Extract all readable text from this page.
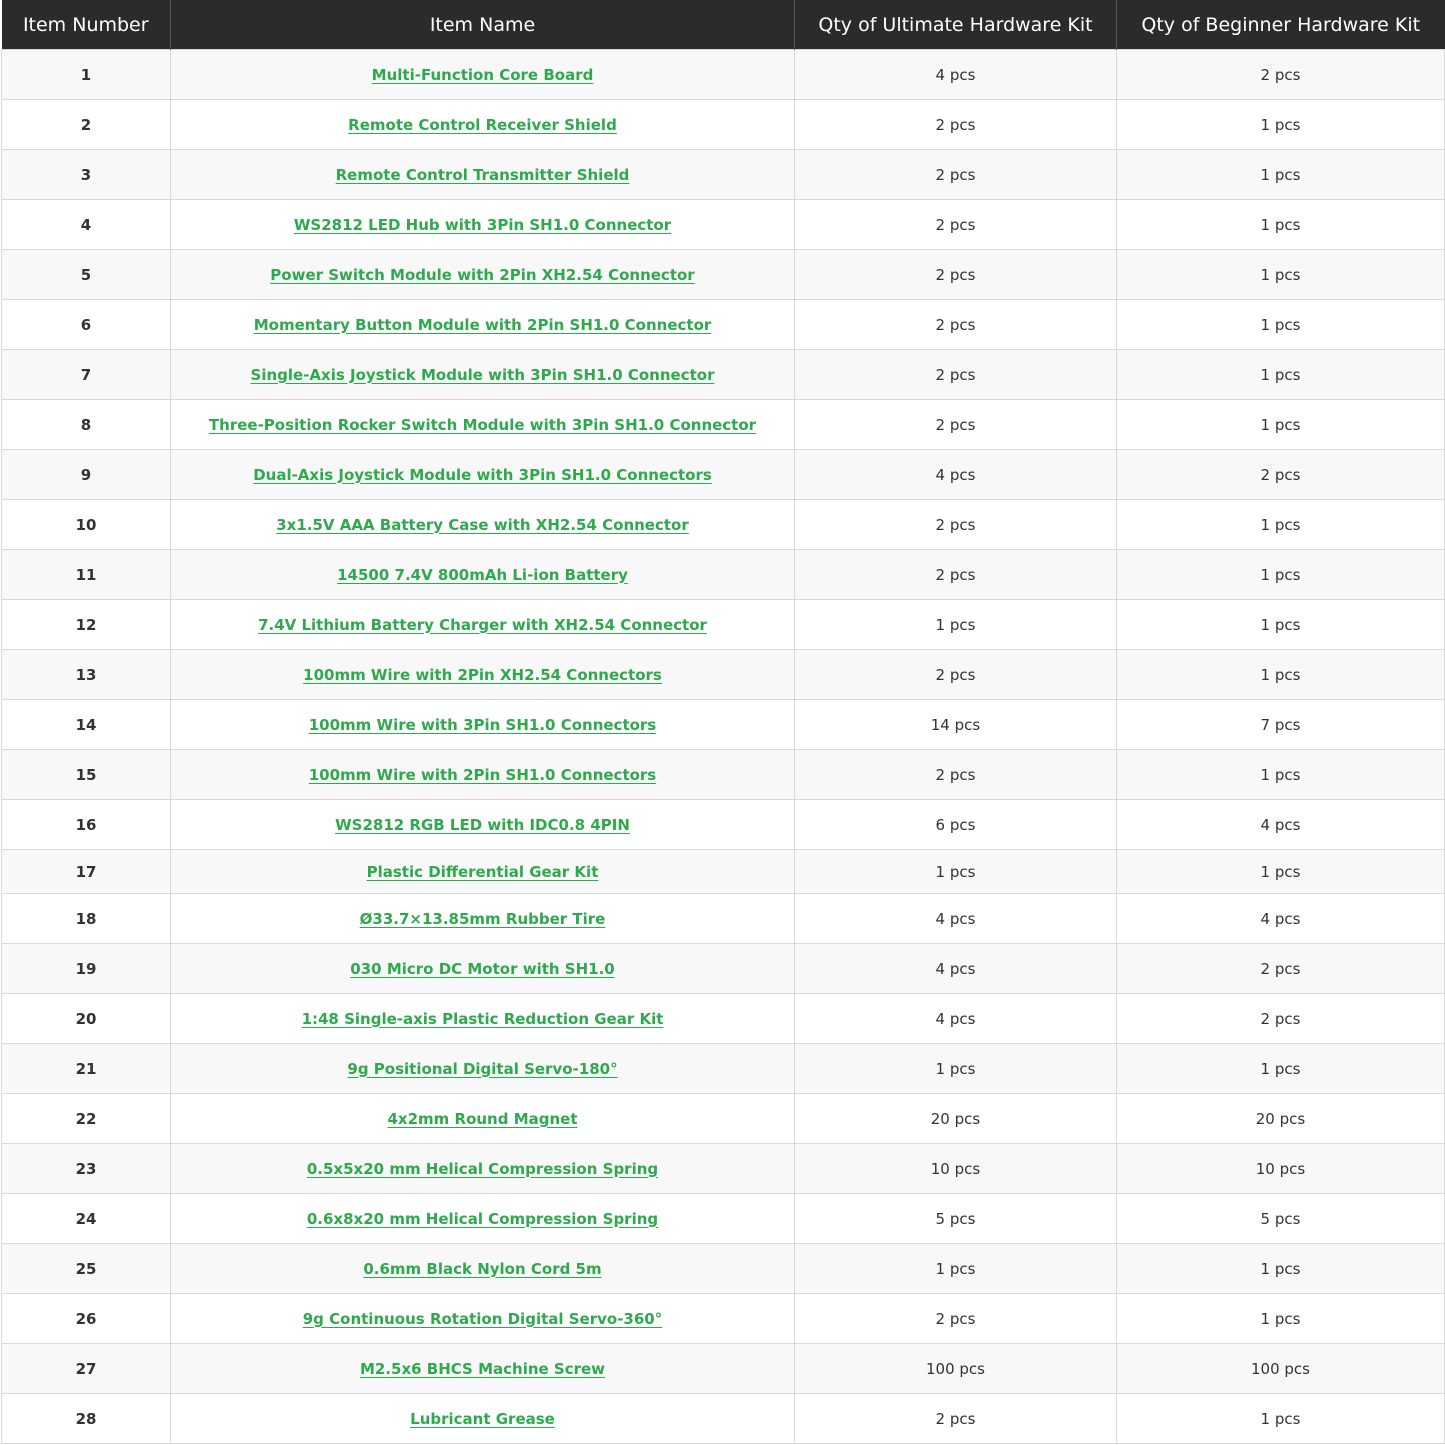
Item Number	Item Name	Qty of Ultimate Hardware Kit	Qty of Beginner Hardware Kit
1	Multi-Function Core Board	4 pcs	2 pcs
2	Remote Control Receiver Shield	2 pcs	1 pcs
3	Remote Control Transmitter Shield	2 pcs	1 pcs
4	WS2812 LED Hub with 3Pin SH1.0 Connector	2 pcs	1 pcs
5	Power Switch Module with 2Pin XH2.54 Connector	2 pcs	1 pcs
6	Momentary Button Module with 2Pin SH1.0 Connector	2 pcs	1 pcs
7	Single-Axis Joystick Module with 3Pin SH1.0 Connector	2 pcs	1 pcs
8	Three-Position Rocker Switch Module with 3Pin SH1.0 Connector	2 pcs	1 pcs
9	Dual-Axis Joystick Module with 3Pin SH1.0 Connectors	4 pcs	2 pcs
10	3x1.5V AAA Battery Case with XH2.54 Connector	2 pcs	1 pcs
11	14500 7.4V 800mAh Li-ion Battery	2 pcs	1 pcs
12	7.4V Lithium Battery Charger with XH2.54 Connector	1 pcs	1 pcs
13	100mm Wire with 2Pin XH2.54 Connectors	2 pcs	1 pcs
14	100mm Wire with 3Pin SH1.0 Connectors	14 pcs	7 pcs
15	100mm Wire with 2Pin SH1.0 Connectors	2 pcs	1 pcs
16	WS2812 RGB LED with IDC0.8 4PIN	6 pcs	4 pcs
17	Plastic Differential Gear Kit	1 pcs	1 pcs
18	Ø33.7×13.85mm Rubber Tire	4 pcs	4 pcs
19	030 Micro DC Motor with SH1.0	4 pcs	2 pcs
20	1:48 Single-axis Plastic Reduction Gear Kit	4 pcs	2 pcs
21	9g Positional Digital Servo-180°	1 pcs	1 pcs
22	4x2mm Round Magnet	20 pcs	20 pcs
23	0.5x5x20 mm Helical Compression Spring	10 pcs	10 pcs
24	0.6x8x20 mm Helical Compression Spring	5 pcs	5 pcs
25	0.6mm Black Nylon Cord 5m	1 pcs	1 pcs
26	9g Continuous Rotation Digital Servo-360°	2 pcs	1 pcs
27	M2.5x6 BHCS Machine Screw	100 pcs	100 pcs
28	Lubricant Grease	2 pcs	1 pcs
